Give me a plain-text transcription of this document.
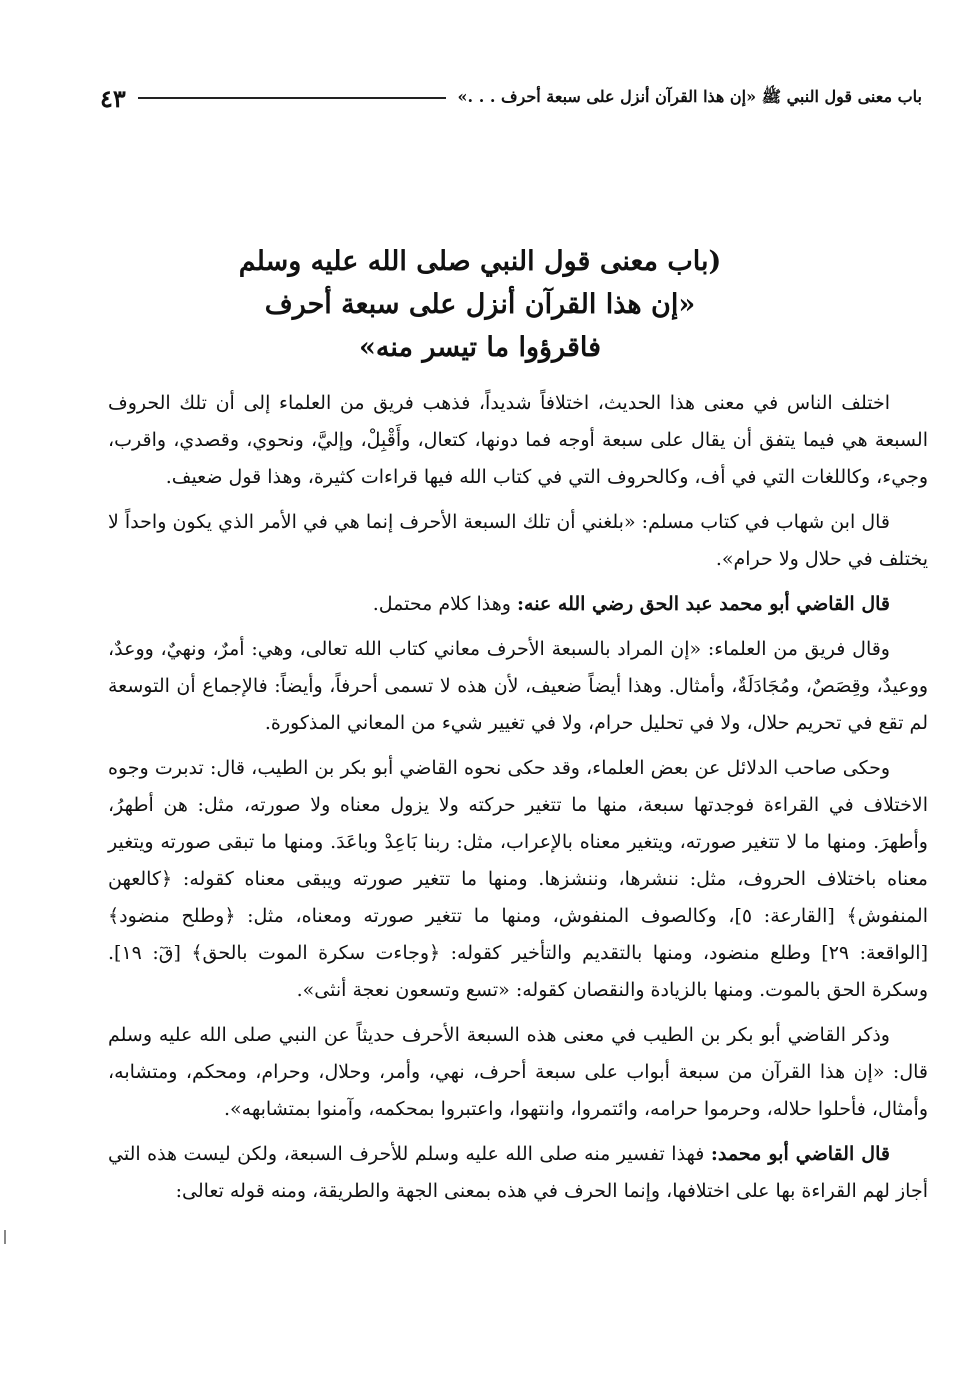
باب معنى قول النبي ﷺ «إن هذا القرآن أنزل على سبعة أحرف . . .»
٤٣
(باب معنى قول النبي صلى الله عليه وسلم
«إن هذا القرآن أنزل على سبعة أحرف
فاقرؤوا ما تيسر منه»

اختلف الناس في معنى هذا الحديث، اختلافاً شديداً، فذهب فريق من العلماء إلى أن تلك الحروف السبعة هي فيما يتفق أن يقال على سبعة أوجه فما دونها، كتعال، وأَقْبِلْ، وإليَّ، ونحوي، وقصدي، واقرب، وجيء، وكاللغات التي في أف، وكالحروف التي في كتاب الله فيها قراءات كثيرة، وهذا قول ضعيف.

قال ابن شهاب في كتاب مسلم: «بلغني أن تلك السبعة الأحرف إنما هي في الأمر الذي يكون واحداً لا يختلف في حلال ولا حرام».

قال القاضي أبو محمد عبد الحق رضي الله عنه: وهذا كلام محتمل.

وقال فريق من العلماء: «إن المراد بالسبعة الأحرف معاني كتاب الله تعالى، وهي: أمرٌ، ونهيٌ، ووعدٌ، ووعيدٌ، وقِصَصٌ، ومُجَادَلَةٌ، وأمثال. وهذا أيضاً ضعيف، لأن هذه لا تسمى أحرفاً، وأيضاً: فالإجماع أن التوسعة لم تقع في تحريم حلال، ولا في تحليل حرام، ولا في تغيير شيء من المعاني المذكورة.

وحكى صاحب الدلائل عن بعض العلماء، وقد حكى نحوه القاضي أبو بكر بن الطيب، قال: تدبرت وجوه الاختلاف في القراءة فوجدتها سبعة، منها ما تتغير حركته ولا يزول معناه ولا صورته، مثل: هن أطهرُ، وأطهرَ. ومنها ما لا تتغير صورته، ويتغير معناه بالإعراب، مثل: ربنا بَاعِدْ وباعَدَ. ومنها ما تبقى صورته ويتغير معناه باختلاف الحروف، مثل: ننشرها، وننشزها. ومنها ما تتغير صورته ويبقى معناه كقوله: ﴿كالعهن المنفوش﴾ [القارعة: ٥]، وكالصوف المنفوش، ومنها ما تتغير صورته ومعناه، مثل: ﴿وطلح منضود﴾ [الواقعة: ٢٩] وطلع منضود، ومنها بالتقديم والتأخير كقوله: ﴿وجاءت سكرة الموت بالحق﴾ [قٓ: ١٩]. وسكرة الحق بالموت. ومنها بالزيادة والنقصان كقوله: «تسع وتسعون نعجة أنثى».

وذكر القاضي أبو بكر بن الطيب في معنى هذه السبعة الأحرف حديثاً عن النبي صلى الله عليه وسلم قال: «إن هذا القرآن من سبعة أبواب على سبعة أحرف، نهي، وأمر، وحلال، وحرام، ومحكم، ومتشابه، وأمثال، فأحلوا حلاله، وحرموا حرامه، وائتمروا، وانتهوا، واعتبروا بمحكمه، وآمنوا بمتشابهه».

قال القاضي أبو محمد: فهذا تفسير منه صلى الله عليه وسلم للأحرف السبعة، ولكن ليست هذه التي أجاز لهم القراءة بها على اختلافها، وإنما الحرف في هذه بمعنى الجهة والطريقة، ومنه قوله تعالى:
